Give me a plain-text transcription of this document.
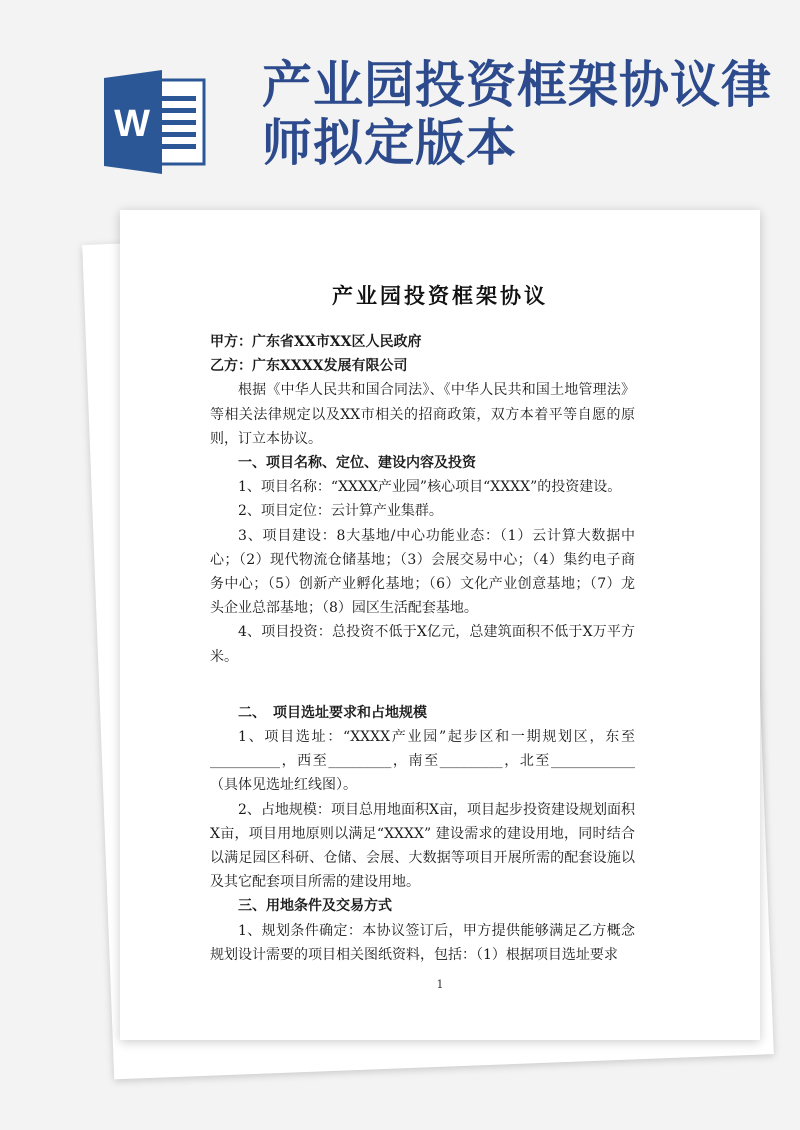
W
产业园投资框架协议律
师拟定版本
产业园投资框架协议

甲方：广东省XX市XX区人民政府

乙方：广东XXXX发展有限公司

根据《中华人民共和国合同法》、《中华人民共和国土地管理法》等相关法律规定以及XX市相关的招商政策，双方本着平等自愿的原则，订立本协议。

一、项目名称、定位、建设内容及投资

1、项目名称：“XXXX产业园”核心项目“XXXX”的投资建设。

2、项目定位：云计算产业集群。

3、项目建设：8大基地/中心功能业态：（1）云计算大数据中心；（2）现代物流仓储基地；（3）会展交易中心；（4）集约电子商务中心；（5）创新产业孵化基地；（6）文化产业创意基地；（7）龙头企业总部基地；（8）园区生活配套基地。

4、项目投资：总投资不低于X亿元，总建筑面积不低于X万平方米。

二、　项目选址要求和占地规模

1、项目选址：“XXXX产业园”起步区和一期规划区，东至__________，西至_________，南至_________，北至____________（具体见选址红线图）。

2、占地规模：项目总用地面积X亩，项目起步投资建设规划面积X亩，项目用地原则以满足“XXXX” 建设需求的建设用地，同时结合以满足园区科研、仓储、会展、大数据等项目开展所需的配套设施以及其它配套项目所需的建设用地。

三、用地条件及交易方式

1、规划条件确定：本协议签订后，甲方提供能够满足乙方概念规划设计需要的项目相关图纸资料，包括：（1）根据项目选址要求

1
